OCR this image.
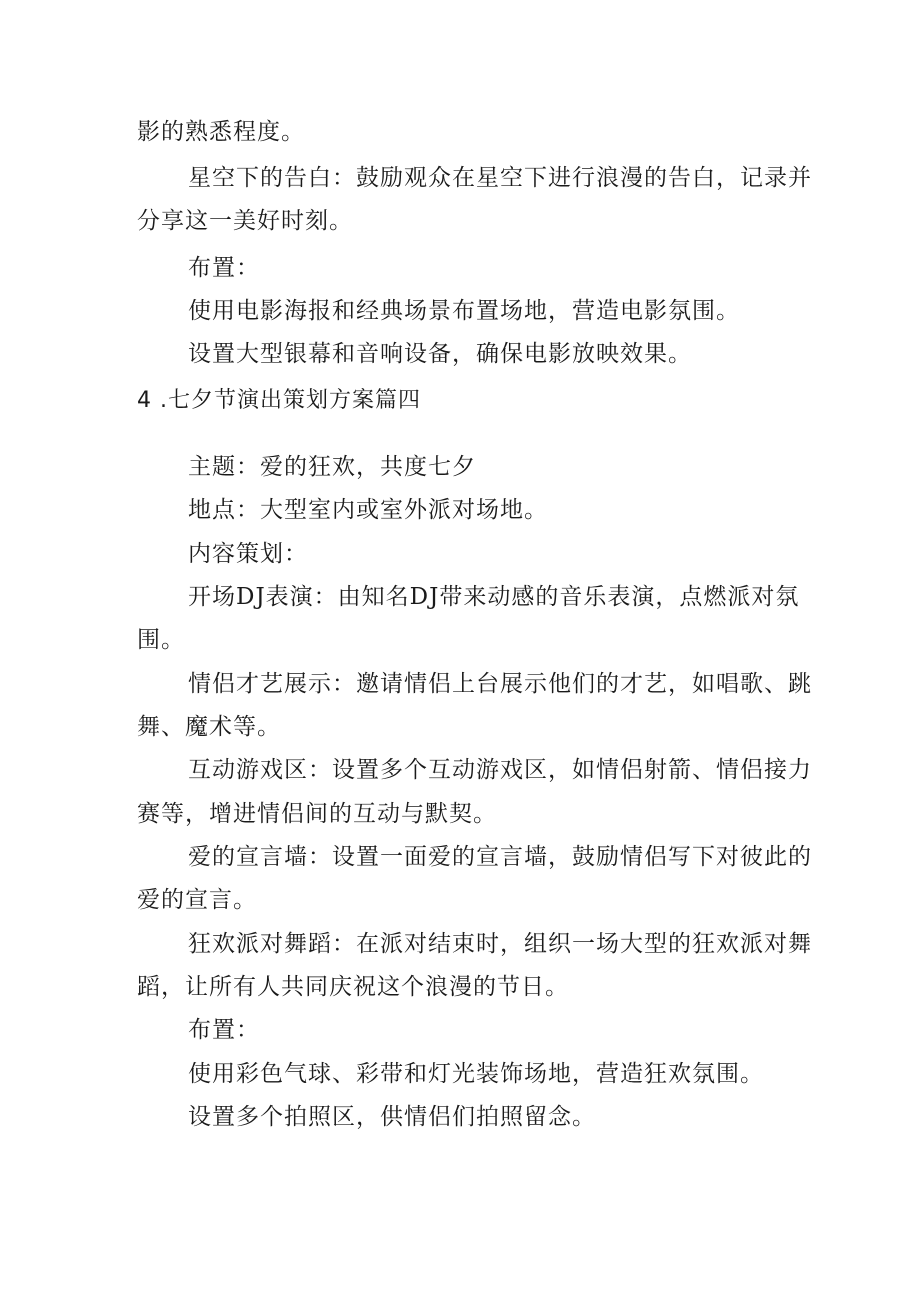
影的熟悉程度。
星空下的告白：鼓励观众在星空下进行浪漫的告白，记录并
分享这一美好时刻。
布置：
使用电影海报和经典场景布置场地，营造电影氛围。
设置大型银幕和音响设备，确保电影放映效果。
4 .七夕节演出策划方案篇四
主题：爱的狂欢，共度七夕
地点：大型室内或室外派对场地。
内容策划：
开场DJ表演：由知名DJ带来动感的音乐表演，点燃派对氛
围。
情侣才艺展示：邀请情侣上台展示他们的才艺，如唱歌、跳
舞、魔术等。
互动游戏区：设置多个互动游戏区，如情侣射箭、情侣接力
赛等，增进情侣间的互动与默契。
爱的宣言墙：设置一面爱的宣言墙，鼓励情侣写下对彼此的
爱的宣言。
狂欢派对舞蹈：在派对结束时，组织一场大型的狂欢派对舞
蹈，让所有人共同庆祝这个浪漫的节日。
布置：
使用彩色气球、彩带和灯光装饰场地，营造狂欢氛围。
设置多个拍照区，供情侣们拍照留念。
